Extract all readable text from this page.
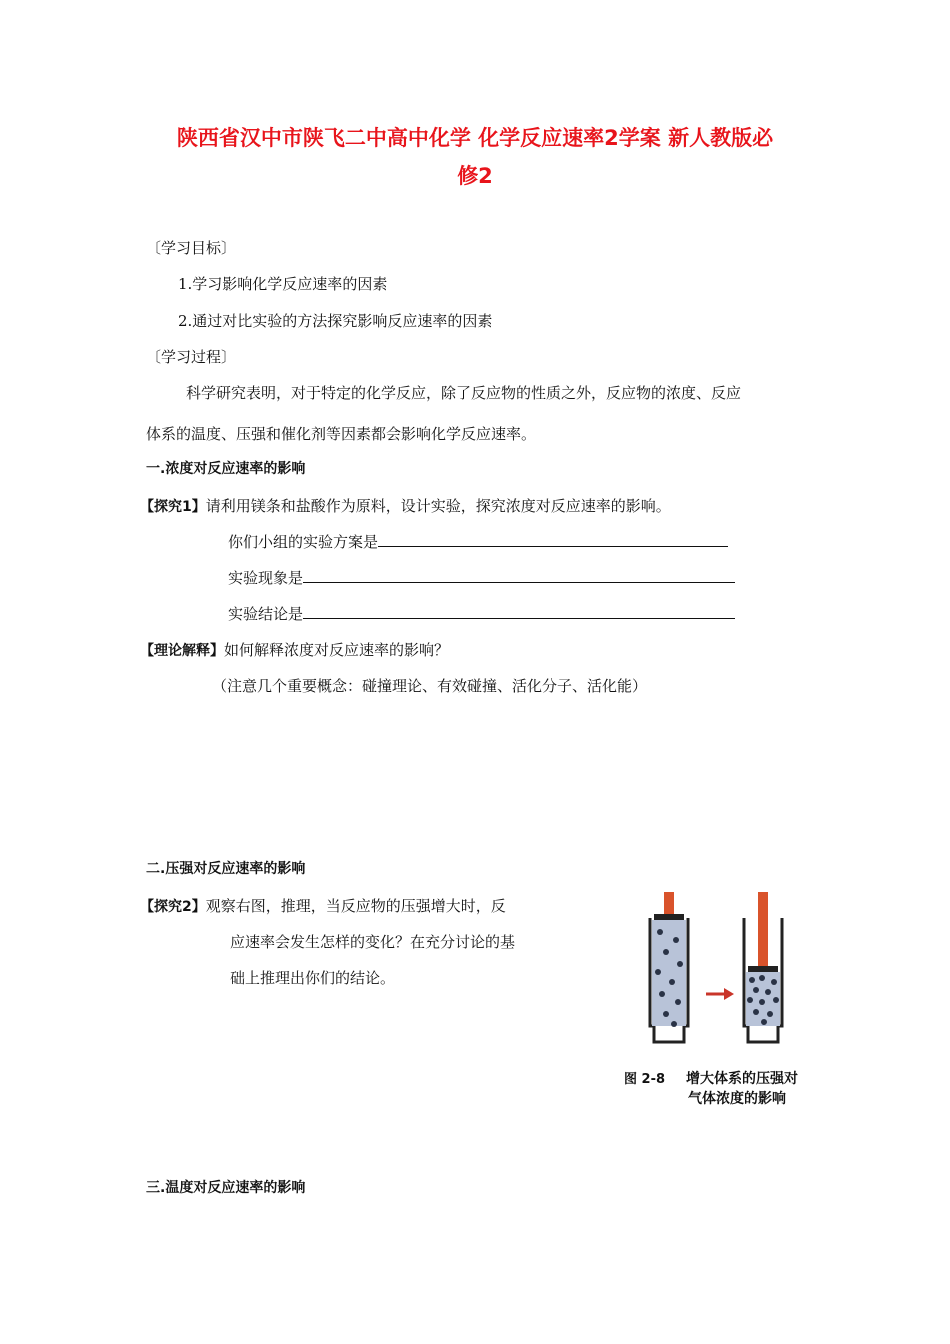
陕西省汉中市陕飞二中高中化学 化学反应速率2学案 新人教版必
修2
〔学习目标〕
1.学习影响化学反应速率的因素
2.通过对比实验的方法探究影响反应速率的因素
〔学习过程〕
科学研究表明，对于特定的化学反应，除了反应物的性质之外，反应物的浓度、反应
体系的温度、压强和催化剂等因素都会影响化学反应速率。
一.浓度对反应速率的影响
【探究1】请利用镁条和盐酸作为原料，设计实验，探究浓度对反应速率的影响。
你们小组的实验方案是
实验现象是
实验结论是
【理论解释】如何解释浓度对反应速率的影响？
（注意几个重要概念：碰撞理论、有效碰撞、活化分子、活化能）
二.压强对反应速率的影响
【探究2】观察右图，推理，当反应物的压强增大时，反
应速率会发生怎样的变化？在充分讨论的基
础上推理出你们的结论。
图 2-8 增大体系的压强对
气体浓度的影响
三.温度对反应速率的影响
